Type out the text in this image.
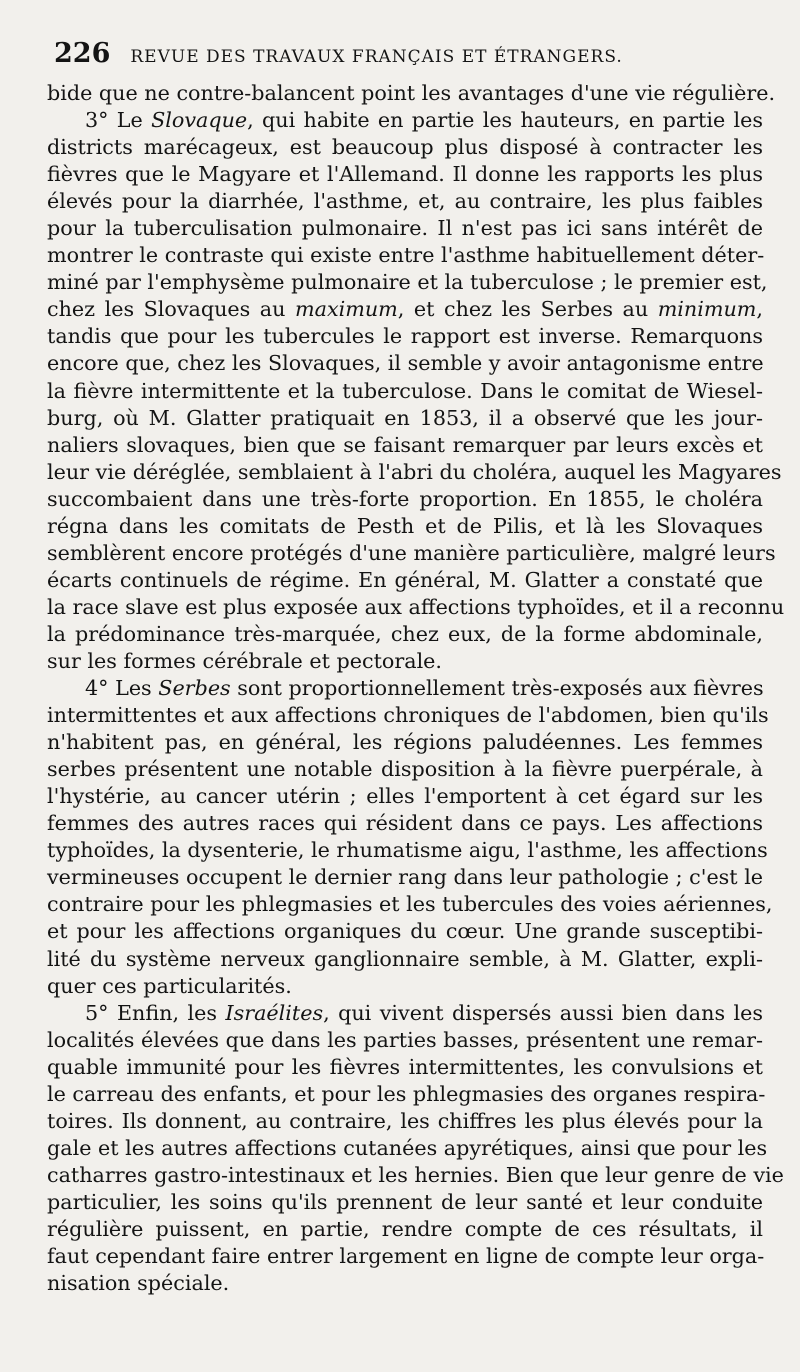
226 REVUE DES TRAVAUX FRANÇAIS ET ÉTRANGERS.
bide que ne contre-balancent point les avantages d'une vie régulière.
3° Le Slovaque, qui habite en partie les hauteurs, en partie les
districts marécageux, est beaucoup plus disposé à contracter les
fièvres que le Magyare et l'Allemand. Il donne les rapports les plus
élevés pour la diarrhée, l'asthme, et, au contraire, les plus faibles
pour la tuberculisation pulmonaire. Il n'est pas ici sans intérêt de
montrer le contraste qui existe entre l'asthme habituellement déter-
miné par l'emphysème pulmonaire et la tuberculose ; le premier est,
chez les Slovaques au maximum, et chez les Serbes au minimum,
tandis que pour les tubercules le rapport est inverse. Remarquons
encore que, chez les Slovaques, il semble y avoir antagonisme entre
la fièvre intermittente et la tuberculose. Dans le comitat de Wiesel-
burg, où M. Glatter pratiquait en 1853, il a observé que les jour-
naliers slovaques, bien que se faisant remarquer par leurs excès et
leur vie déréglée, semblaient à l'abri du choléra, auquel les Magyares
succombaient dans une très-forte proportion. En 1855, le choléra
régna dans les comitats de Pesth et de Pilis, et là les Slovaques
semblèrent encore protégés d'une manière particulière, malgré leurs
écarts continuels de régime. En général, M. Glatter a constaté que
la race slave est plus exposée aux affections typhoïdes, et il a reconnu
la prédominance très-marquée, chez eux, de la forme abdominale,
sur les formes cérébrale et pectorale.
4° Les Serbes sont proportionnellement très-exposés aux fièvres
intermittentes et aux affections chroniques de l'abdomen, bien qu'ils
n'habitent pas, en général, les régions paludéennes. Les femmes
serbes présentent une notable disposition à la fièvre puerpérale, à
l'hystérie, au cancer utérin ; elles l'emportent à cet égard sur les
femmes des autres races qui résident dans ce pays. Les affections
typhoïdes, la dysenterie, le rhumatisme aigu, l'asthme, les affections
vermineuses occupent le dernier rang dans leur pathologie ; c'est le
contraire pour les phlegmasies et les tubercules des voies aériennes,
et pour les affections organiques du cœur. Une grande susceptibi-
lité du système nerveux ganglionnaire semble, à M. Glatter, expli-
quer ces particularités.
5° Enfin, les Israélites, qui vivent dispersés aussi bien dans les
localités élevées que dans les parties basses, présentent une remar-
quable immunité pour les fièvres intermittentes, les convulsions et
le carreau des enfants, et pour les phlegmasies des organes respira-
toires. Ils donnent, au contraire, les chiffres les plus élevés pour la
gale et les autres affections cutanées apyrétiques, ainsi que pour les
catharres gastro-intestinaux et les hernies. Bien que leur genre de vie
particulier, les soins qu'ils prennent de leur santé et leur conduite
régulière puissent, en partie, rendre compte de ces résultats, il
faut cependant faire entrer largement en ligne de compte leur orga-
nisation spéciale.
